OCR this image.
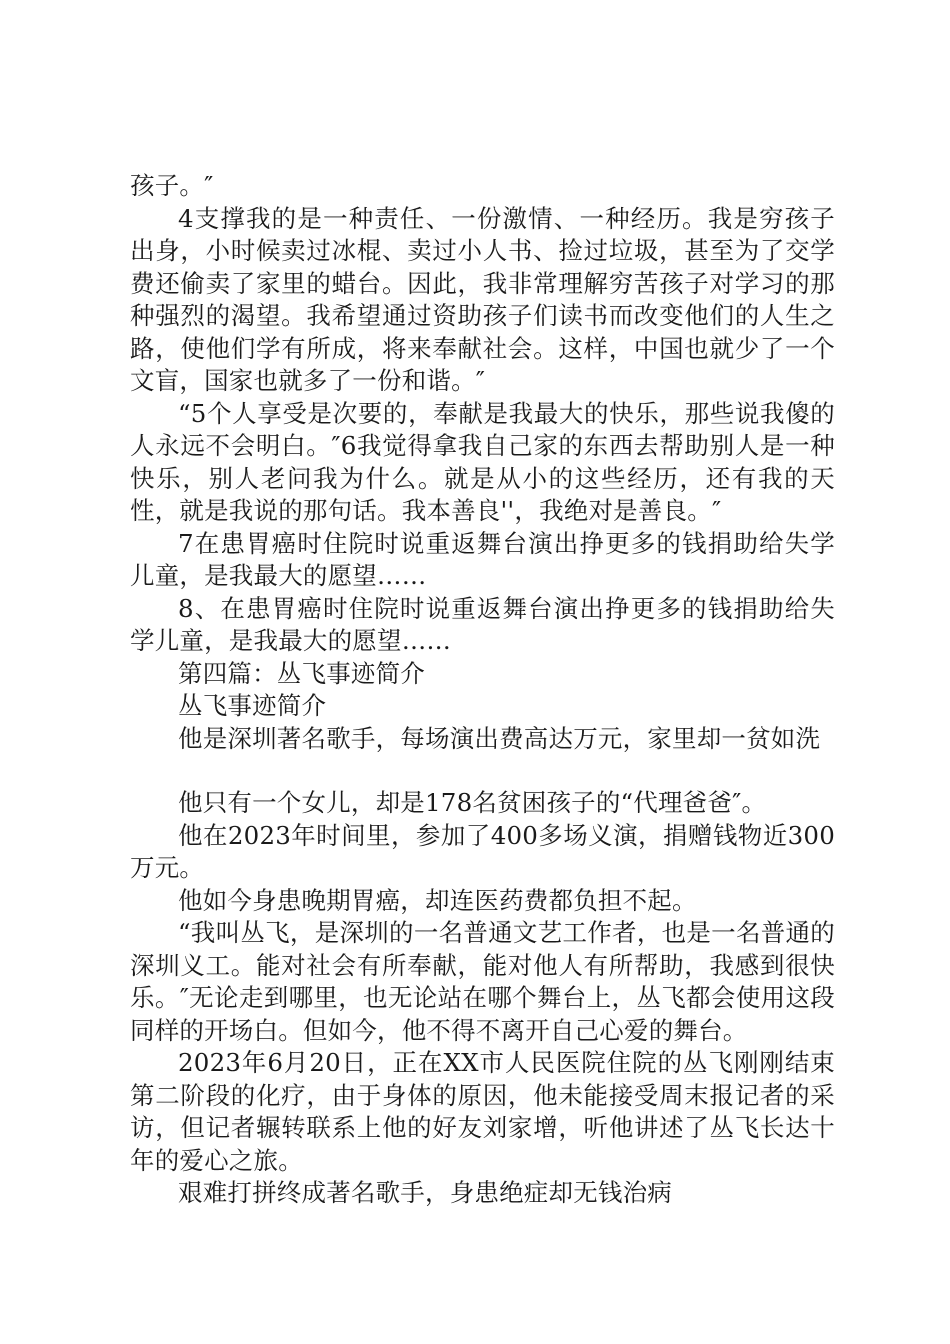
孩子。″

4支撑我的是一种责任、一份激情、一种经历。我是穷孩子出身，小时候卖过冰棍、卖过小人书、捡过垃圾，甚至为了交学费还偷卖了家里的蜡台。因此，我非常理解穷苦孩子对学习的那种强烈的渴望。我希望通过资助孩子们读书而改变他们的人生之路，使他们学有所成，将来奉献社会。这样，中国也就少了一个文盲，国家也就多了一份和谐。″

“5个人享受是次要的，奉献是我最大的快乐，那些说我傻的人永远不会明白。″6我觉得拿我自己家的东西去帮助别人是一种快乐，别人老问我为什么。就是从小的这些经历，还有我的天性，就是我说的那句话。我本善良''，我绝对是善良。″

7在患胃癌时住院时说重返舞台演出挣更多的钱捐助给失学儿童，是我最大的愿望……

8、在患胃癌时住院时说重返舞台演出挣更多的钱捐助给失学儿童，是我最大的愿望……

第四篇：丛飞事迹简介

丛飞事迹简介

他是深圳著名歌手，每场演出费高达万元，家里却一贫如洗

他只有一个女儿，却是178名贫困孩子的“代理爸爸″。

他在2023年时间里，参加了400多场义演，捐赠钱物近300万元。

他如今身患晚期胃癌，却连医药费都负担不起。

“我叫丛飞，是深圳的一名普通文艺工作者，也是一名普通的深圳义工。能对社会有所奉献，能对他人有所帮助，我感到很快乐。″无论走到哪里，也无论站在哪个舞台上，丛飞都会使用这段同样的开场白。但如今，他不得不离开自己心爱的舞台。

2023年6月20日，正在XX市人民医院住院的丛飞刚刚结束第二阶段的化疗，由于身体的原因，他未能接受周末报记者的采访，但记者辗转联系上他的好友刘家增，听他讲述了丛飞长达十年的爱心之旅。

艰难打拼终成著名歌手，身患绝症却无钱治病
